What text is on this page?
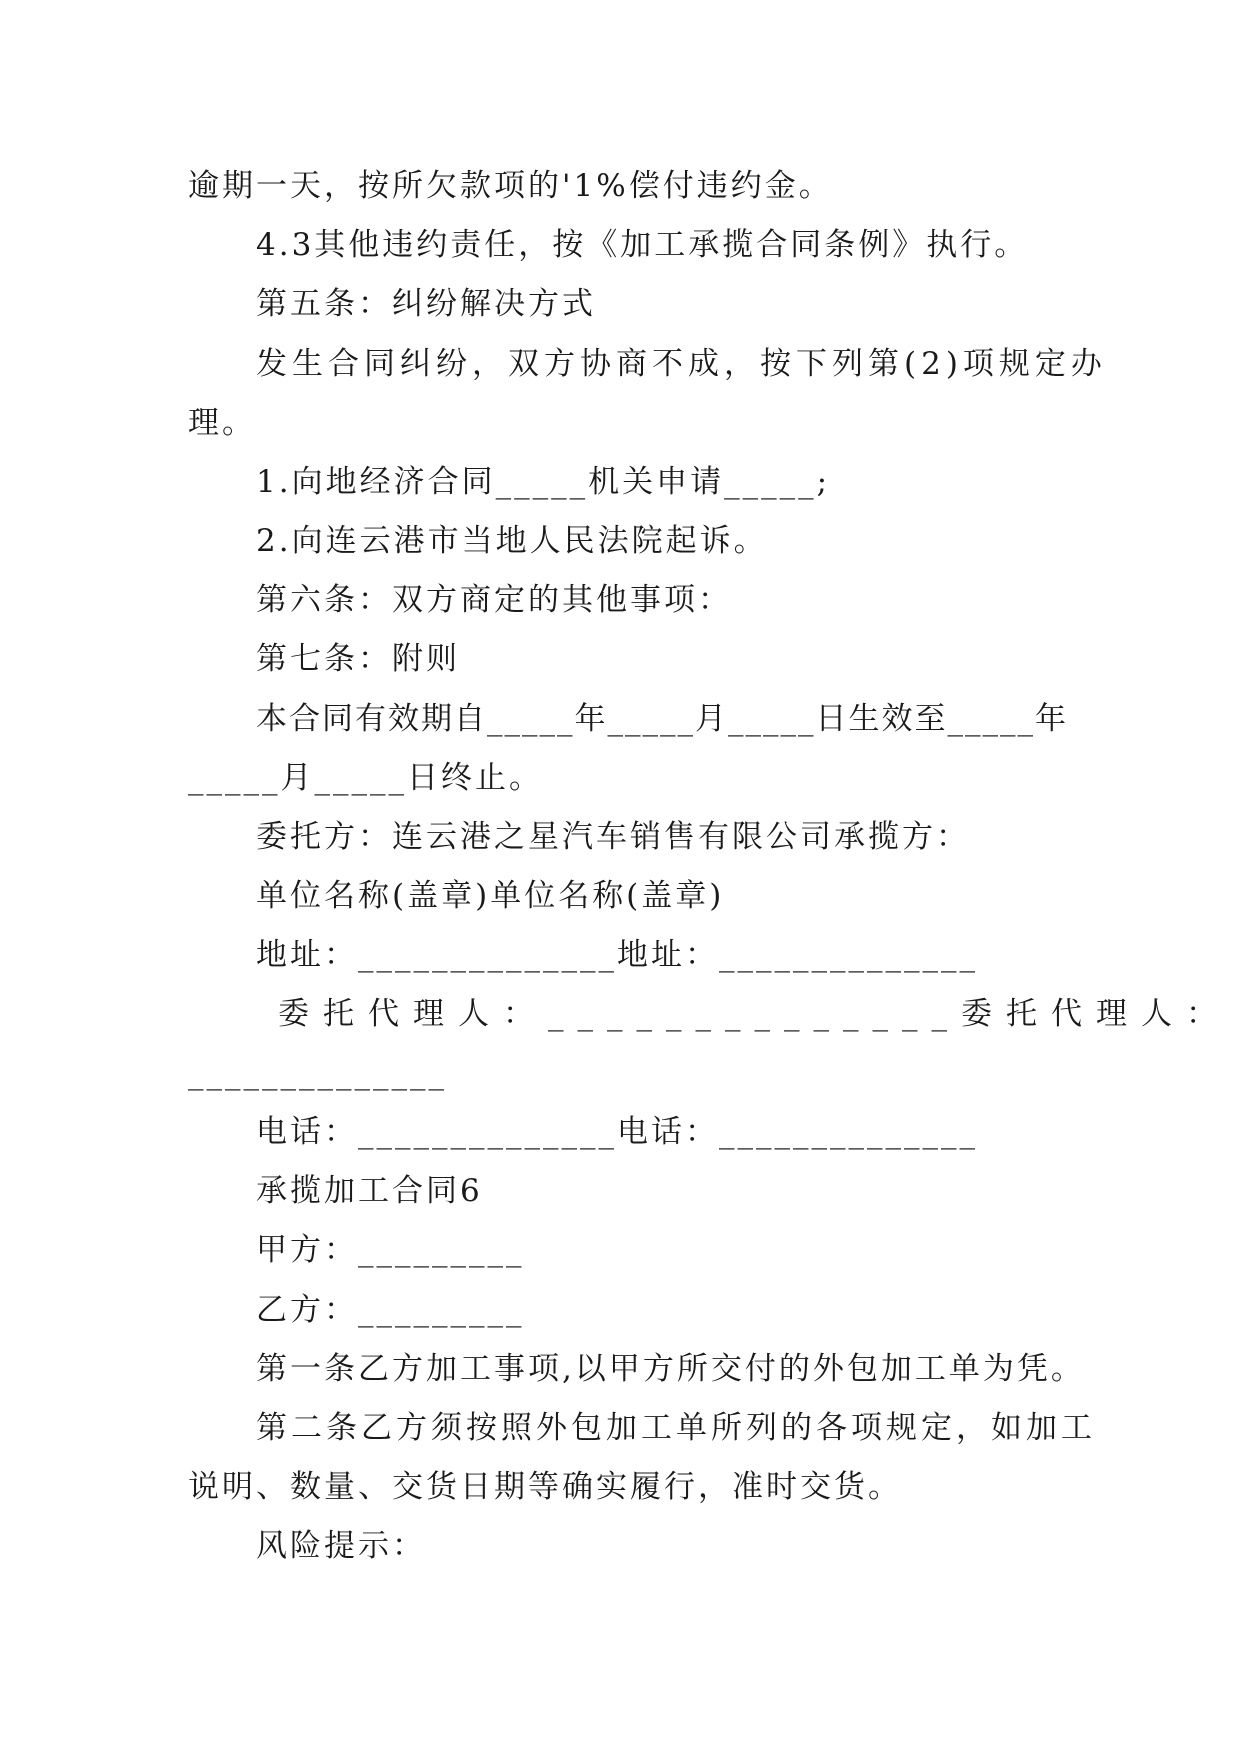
逾期一天，按所欠款项的'1%偿付违约金。
4.3其他违约责任，按《加工承揽合同条例》执行。
第五条：纠纷解决方式
发生合同纠纷，双方协商不成，按下列第(2)项规定办
理。
1.向地经济合同_____机关申请_____;
2.向连云港市当地人民法院起诉。
第六条：双方商定的其他事项：
第七条：附则
本合同有效期自_____年_____月_____日生效至_____年
_____月_____日终止。
委托方：连云港之星汽车销售有限公司承揽方：
单位名称(盖章)单位名称(盖章)
地址：______________地址：______________
委托代理人：______________委托代理人：
______________
电话：______________电话：______________
承揽加工合同6
甲方：_________
乙方：_________
第一条乙方加工事项,以甲方所交付的外包加工单为凭。
第二条乙方须按照外包加工单所列的各项规定，如加工
说明、数量、交货日期等确实履行，准时交货。
风险提示：
